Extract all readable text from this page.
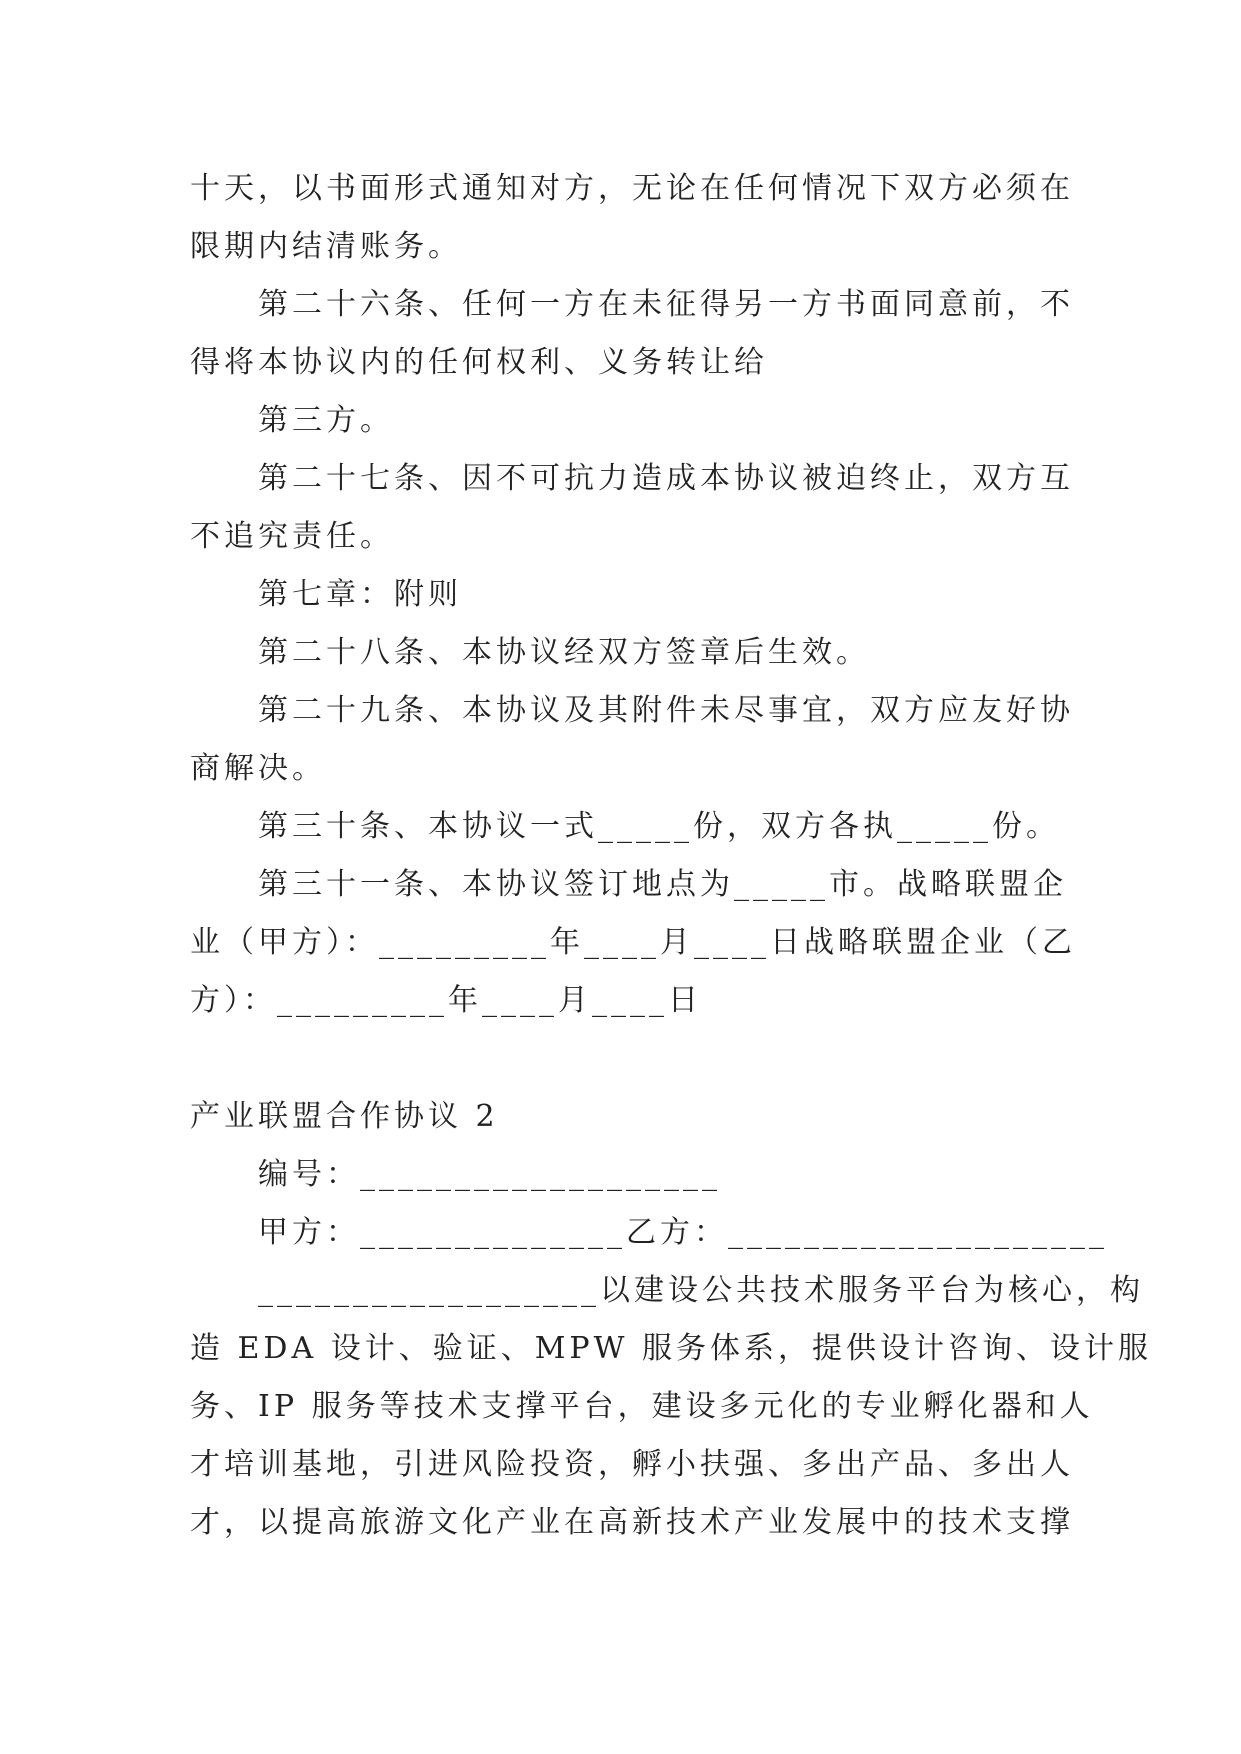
十天，以书面形式通知对方，无论在任何情况下双方必须在
限期内结清账务。
第二十六条、任何一方在未征得另一方书面同意前，不
得将本协议内的任何权利、义务转让给
第三方。
第二十七条、因不可抗力造成本协议被迫终止，双方互
不追究责任。
第七章：附则
第二十八条、本协议经双方签章后生效。
第二十九条、本协议及其附件未尽事宜，双方应友好协
商解决。
第三十条、本协议一式_____份，双方各执_____份。
第三十一条、本协议签订地点为_____市。战略联盟企
业（甲方）：_________年____月____日战略联盟企业（乙
方）：_________年____月____日
产业联盟合作协议 2
编号：___________________
甲方：______________乙方：____________________
__________________以建设公共技术服务平台为核心，构
造 EDA 设计、验证、MPW 服务体系，提供设计咨询、设计服
务、IP 服务等技术支撑平台，建设多元化的专业孵化器和人
才培训基地，引进风险投资，孵小扶强、多出产品、多出人
才，以提高旅游文化产业在高新技术产业发展中的技术支撑
